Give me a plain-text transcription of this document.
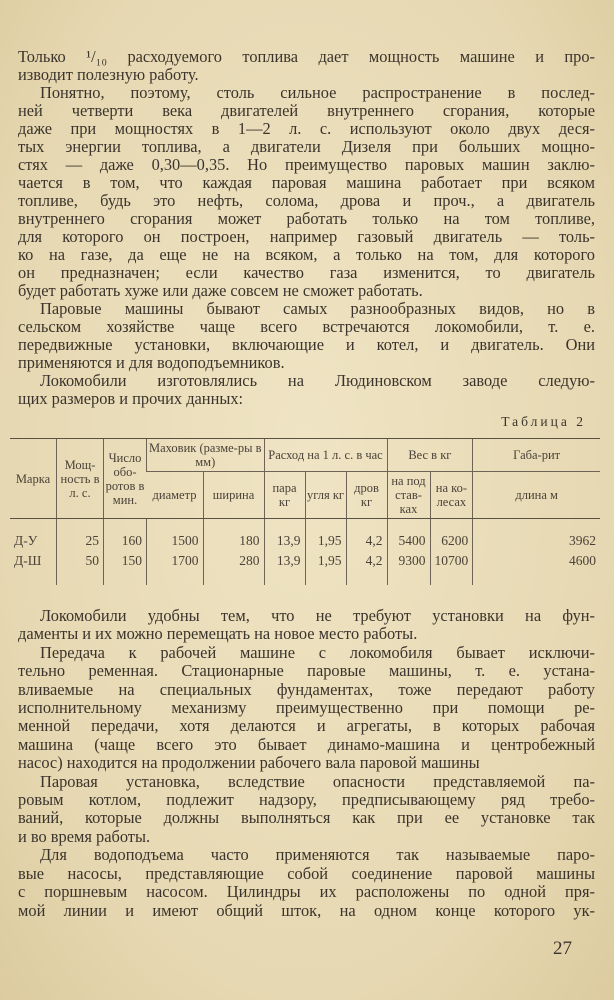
Только ¹/₁₀ расходуемого топлива дает мощность машине и про-
изводит полезную работу.
Понятно, поэтому, столь сильное распространение в послед-
ней четверти века двигателей внутреннего сгорания, которые
даже при мощностях в 1—2 л. с. используют около двух деся-
тых энергии топлива, а двигатели Дизеля при больших мощно-
стях — даже 0,30—0,35. Но преимущество паровых машин заклю-
чается в том, что каждая паровая машина работает при всяком
топливе, будь это нефть, солома, дрова и проч., а двигатель
внутреннего сгорания может работать только на том топливе,
для которого он построен, например газовый двигатель — толь-
ко на газе, да еще не на всяком, а только на том, для которого
он предназначен; если качество газа изменится, то двигатель
будет работать хуже или даже совсем не сможет работать.
Паровые машины бывают самых разнообразных видов, но в
сельском хозяйстве чаще всего встречаются локомобили, т. е.
передвижные установки, включающие и котел, и двигатель. Они
применяются и для водоподъемников.
Локомобили изготовлялись на Людиновском заводе следую-
щих размеров и прочих данных:
Таблица 2
Марка	Мощ-ность в л. с.	Число обо-ротов в мин.	Маховик (разме-ры в мм)		Расход на 1 л. с. в час			Вес в кг		Габа-рит
			диаметр	ширина	пара кг	угля кг	дров кг	на под став-ках	на ко-лесах	длина м
Д-У	25	160	1500	180	13,9	1,95	4,2	5400	6200	3962
Д-Ш	50	150	1700	280	13,9	1,95	4,2	9300	10700	4600

Локомобили удобны тем, что не требуют установки на фун-
даменты и их можно перемещать на новое место работы.
Передача к рабочей машине с локомобиля бывает исключи-
тельно ременная. Стационарные паровые машины, т. е. устана-
вливаемые на специальных фундаментах, тоже передают работу
исполнительному механизму преимущественно при помощи ре-
менной передачи, хотя делаются и агрегаты, в которых рабочая
машина (чаще всего это бывает динамо-машина и центробежный
насос) находится на продолжении рабочего вала паровой машины
Паровая установка, вследствие опасности представляемой па-
ровым котлом, подлежит надзору, предписывающему ряд требо-
ваний, которые должны выполняться как при ее установке так
и во время работы.
Для водоподъема часто применяются так называемые паро-
вые насосы, представляющие собой соединение паровой машины
с поршневым насосом. Цилиндры их расположены по одной пря-
мой линии и имеют общий шток, на одном конце которого ук-
27
